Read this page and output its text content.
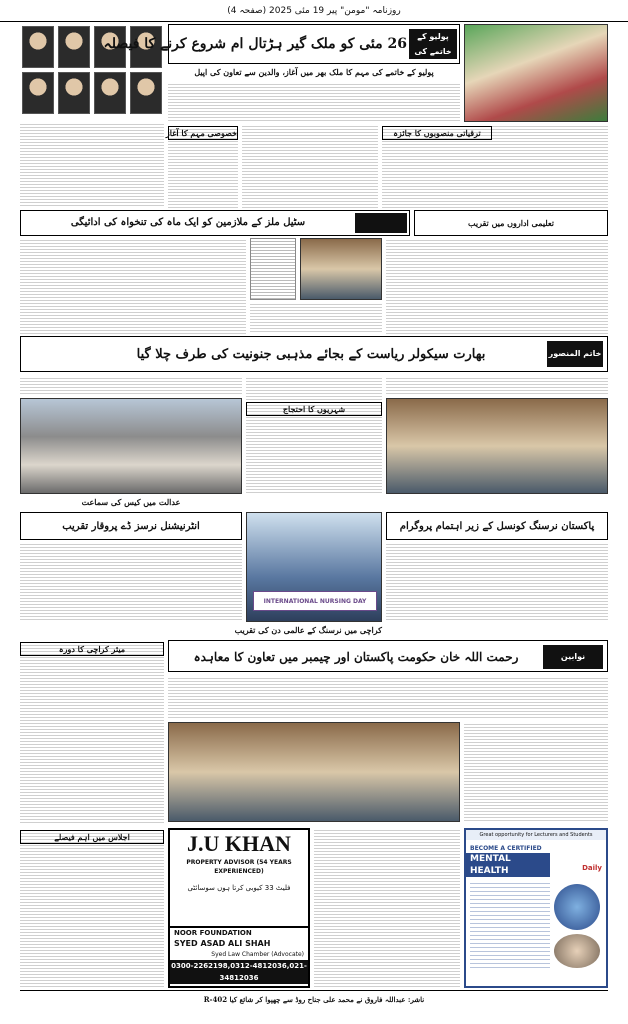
روزنامہ "مومن" پیر 19 مئی 2025 (صفحہ 4)
پولیو کے خاتمے کی مہم
26 مئی کو ملک گیر ہڑتال ام شروع کرنے کا فیصلہ
پولیو کے خاتمے کی مہم کا ملک بھر میں آغاز، والدین سے تعاون کی اپیل
خصوصی مہم کا آغاز	ترقیاتی منصوبوں کا جائزہ
سٹیل ملز کے ملازمین کو ایک ماہ کی تنخواہ کی ادائیگی	تعلیمی اداروں میں تقریب
بھارت سیکولر ریاست کے بجائے مذہبی جنونیت کی طرف چلا گیا	خاتم المنصور
شہریوں کا احتجاج
عدالت میں کیس کی سماعت
انٹرنیشنل نرسز ڈے پروقار تقریب
INTERNATIONAL NURSING DAY
پاکستان نرسنگ کونسل کے زیر اہتمام پروگرام
کراچی میں نرسنگ کے عالمی دن کی تقریب
رحمت اللہ خان حکومت پاکستان اور چیمبر میں تعاون کا معاہدہ	نوابین
میئر کراچی کا دورہ
اجلاس میں اہم فیصلے	J.U KHAN
PROPERTY ADVISOR (54 YEARS EXPERIENCED)
فلیٹ 33 کیوبی کرتا ہوں سوسائٹی
NOOR FOUNDATION
SYED ASAD ALI SHAH
Syed Law Chamber (Advocate)
0300-2262198,0312-4812036,021-34812036
Great opportunity for Lecturers and Students
BECOME A CERTIFIED
MENTAL HEALTH	Daily
ناشر: عبداللہ فاروق نے محمد علی جناح روڈ سے چھپوا کر شائع کیا R-402
